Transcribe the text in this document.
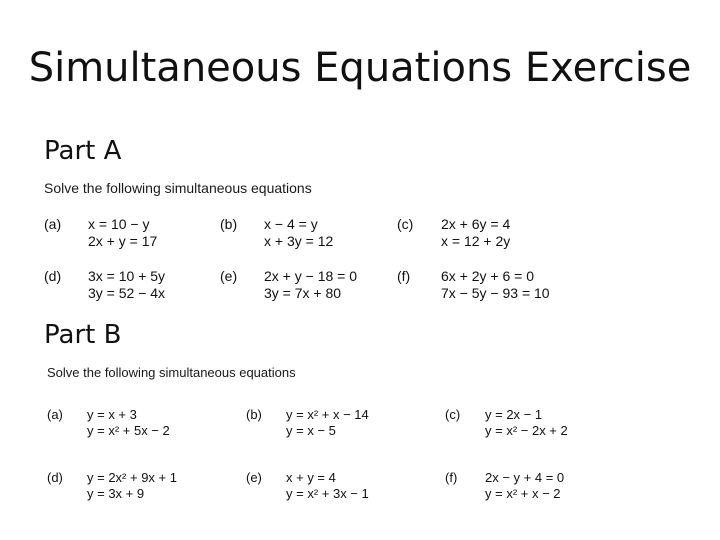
Simultaneous Equations Exercise
Part A
Solve the following simultaneous equations
(a) x = 10 − y
2x + y = 17
(b) x − 4 = y
x + 3y = 12
(c) 2x + 6y = 4
x = 12 + 2y
(d) 3x = 10 + 5y
3y = 52 − 4x
(e) 2x + y − 18 = 0
3y = 7x + 80
(f) 6x + 2y + 6 = 0
7x − 5y − 93 = 10
Part B
Solve the following simultaneous equations
(a) y = x + 3
y = x² + 5x − 2
(b) y = x² + x − 14
y = x − 5
(c) y = 2x − 1
y = x² − 2x + 2
(d) y = 2x² + 9x + 1
y = 3x + 9
(e) x + y = 4
y = x² + 3x − 1
(f) 2x − y + 4 = 0
y = x² + x − 2
